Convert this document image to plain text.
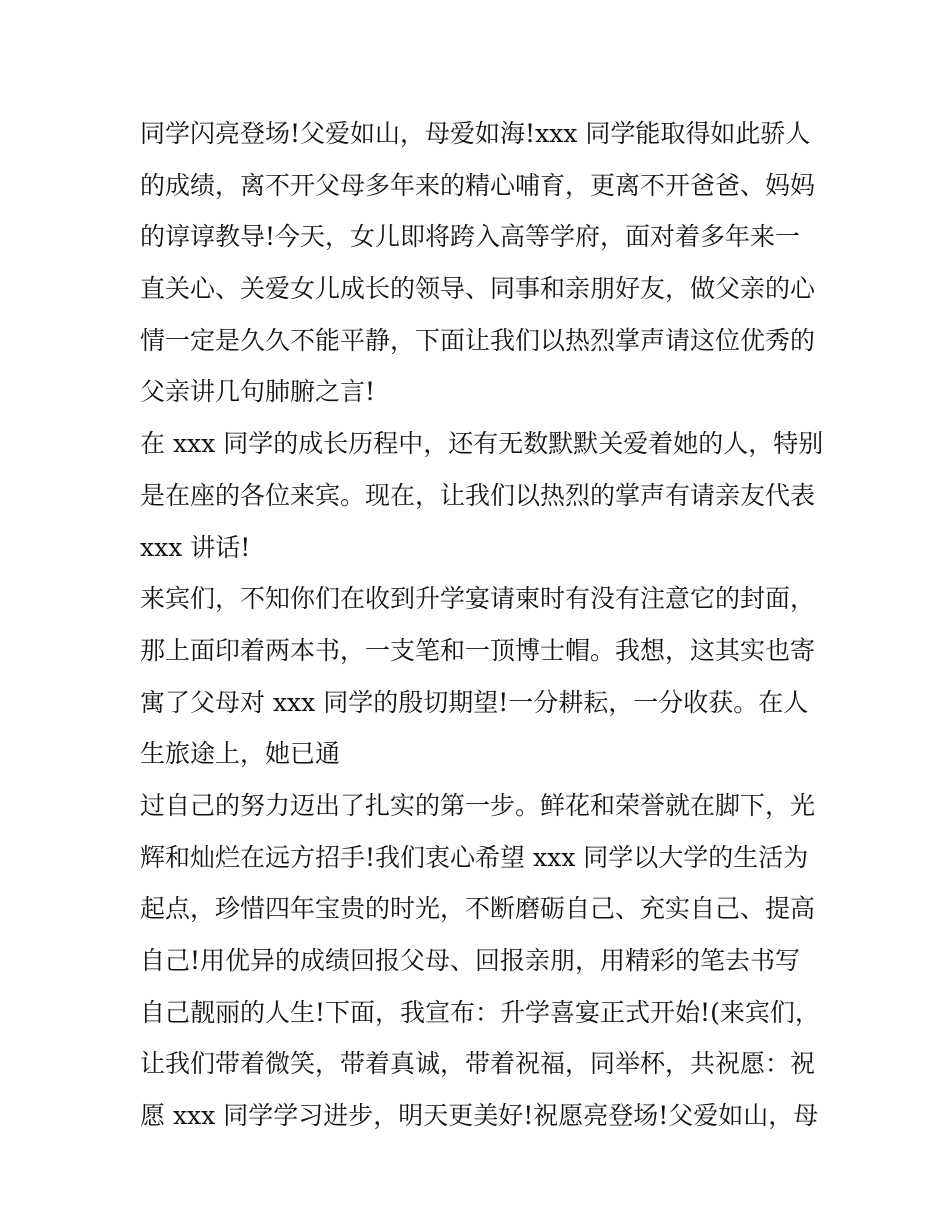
同学闪亮登场!父爱如山，母爱如海!xxx 同学能取得如此骄人
的成绩，离不开父母多年来的精心哺育，更离不开爸爸、妈妈
的谆谆教导!今天，女儿即将跨入高等学府，面对着多年来一
直关心、关爱女儿成长的领导、同事和亲朋好友，做父亲的心
情一定是久久不能平静，下面让我们以热烈掌声请这位优秀的
父亲讲几句肺腑之言!
在 xxx 同学的成长历程中，还有无数默默关爱着她的人，特别
是在座的各位来宾。现在，让我们以热烈的掌声有请亲友代表
xxx 讲话!
来宾们，不知你们在收到升学宴请柬时有没有注意它的封面，
那上面印着两本书，一支笔和一顶博士帽。我想，这其实也寄
寓了父母对 xxx 同学的殷切期望!一分耕耘，一分收获。在人
生旅途上，她已通
过自己的努力迈出了扎实的第一步。鲜花和荣誉就在脚下，光
辉和灿烂在远方招手!我们衷心希望 xxx 同学以大学的生活为
起点，珍惜四年宝贵的时光，不断磨砺自己、充实自己、提高
自己!用优异的成绩回报父母、回报亲朋，用精彩的笔去书写
自己靓丽的人生!下面，我宣布：升学喜宴正式开始!(来宾们，
让我们带着微笑，带着真诚，带着祝福，同举杯，共祝愿：祝
愿 xxx 同学学习进步，明天更美好!祝愿亮登场!父爱如山，母
